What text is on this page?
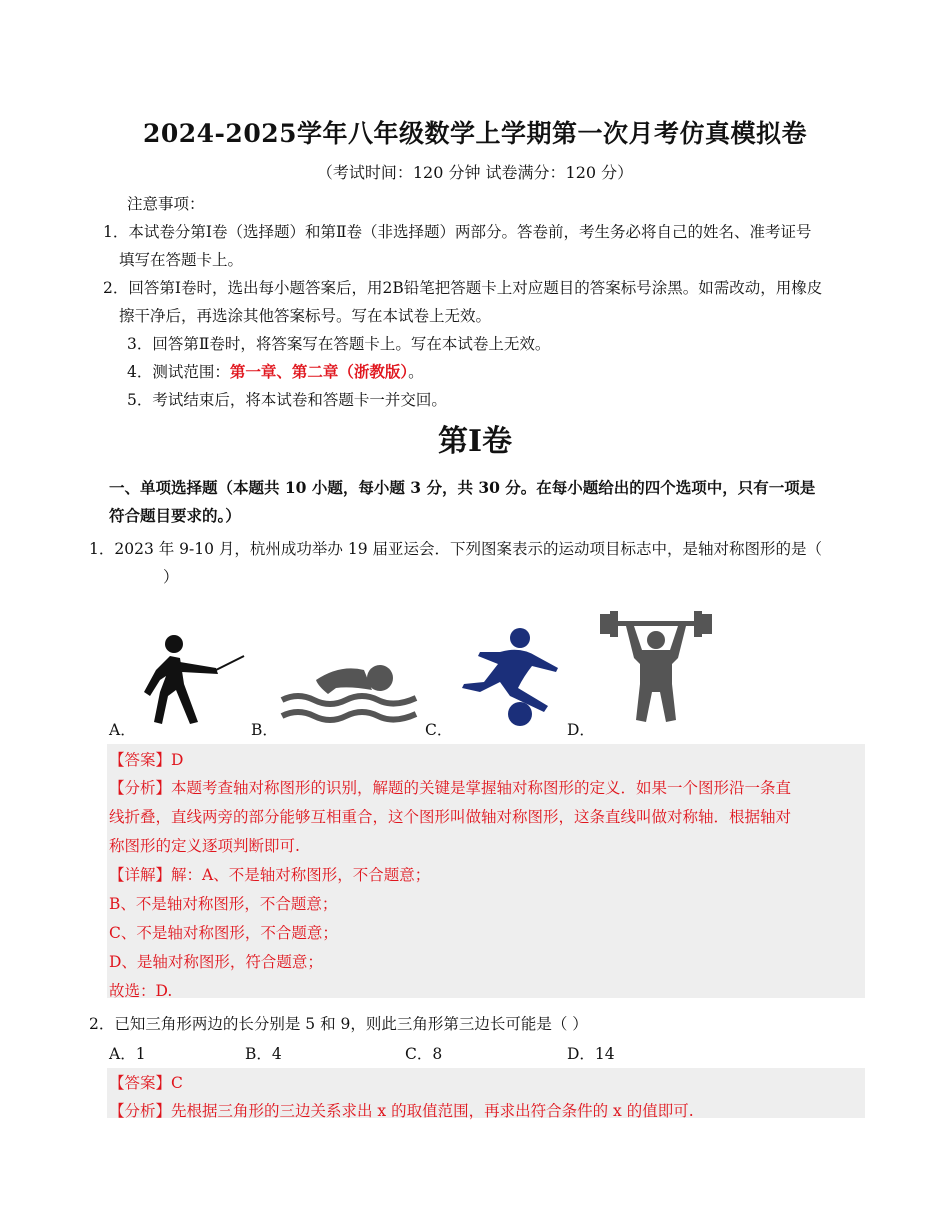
2024-2025学年八年级数学上学期第一次月考仿真模拟卷
（考试时间：120 分钟 试卷满分：120 分）
注意事项：
1．本试卷分第Ⅰ卷（选择题）和第Ⅱ卷（非选择题）两部分。答卷前，考生务必将自己的姓名、准考证号
填写在答题卡上。
2．回答第Ⅰ卷时，选出每小题答案后，用2B铅笔把答题卡上对应题目的答案标号涂黑。如需改动，用橡皮
擦干净后，再选涂其他答案标号。写在本试卷上无效。
3．回答第Ⅱ卷时，将答案写在答题卡上。写在本试卷上无效。
4．测试范围：第一章、第二章（浙教版）。
5．考试结束后，将本试卷和答题卡一并交回。
第Ⅰ卷
一、单项选择题（本题共 10 小题，每小题 3 分，共 30 分。在每小题给出的四个选项中，只有一项是
符合题目要求的。）
1．2023 年 9-10 月，杭州成功举办 19 届亚运会．下列图案表示的运动项目标志中，是轴对称图形的是（
）
A．	B．	C．	D．
【答案】D
【分析】本题考查轴对称图形的识别，解题的关键是掌握轴对称图形的定义．如果一个图形沿一条直
线折叠，直线两旁的部分能够互相重合，这个图形叫做轴对称图形，这条直线叫做对称轴．根据轴对
称图形的定义逐项判断即可.
【详解】解：A、不是轴对称图形，不合题意；
B、不是轴对称图形，不合题意；
C、不是轴对称图形，不合题意；
D、是轴对称图形，符合题意；
故选：D.
2．已知三角形两边的长分别是 5 和 9，则此三角形第三边长可能是（ ）
A．1	B．4	C．8	D．14
【答案】C
【分析】先根据三角形的三边关系求出 x 的取值范围，再求出符合条件的 x 的值即可.
